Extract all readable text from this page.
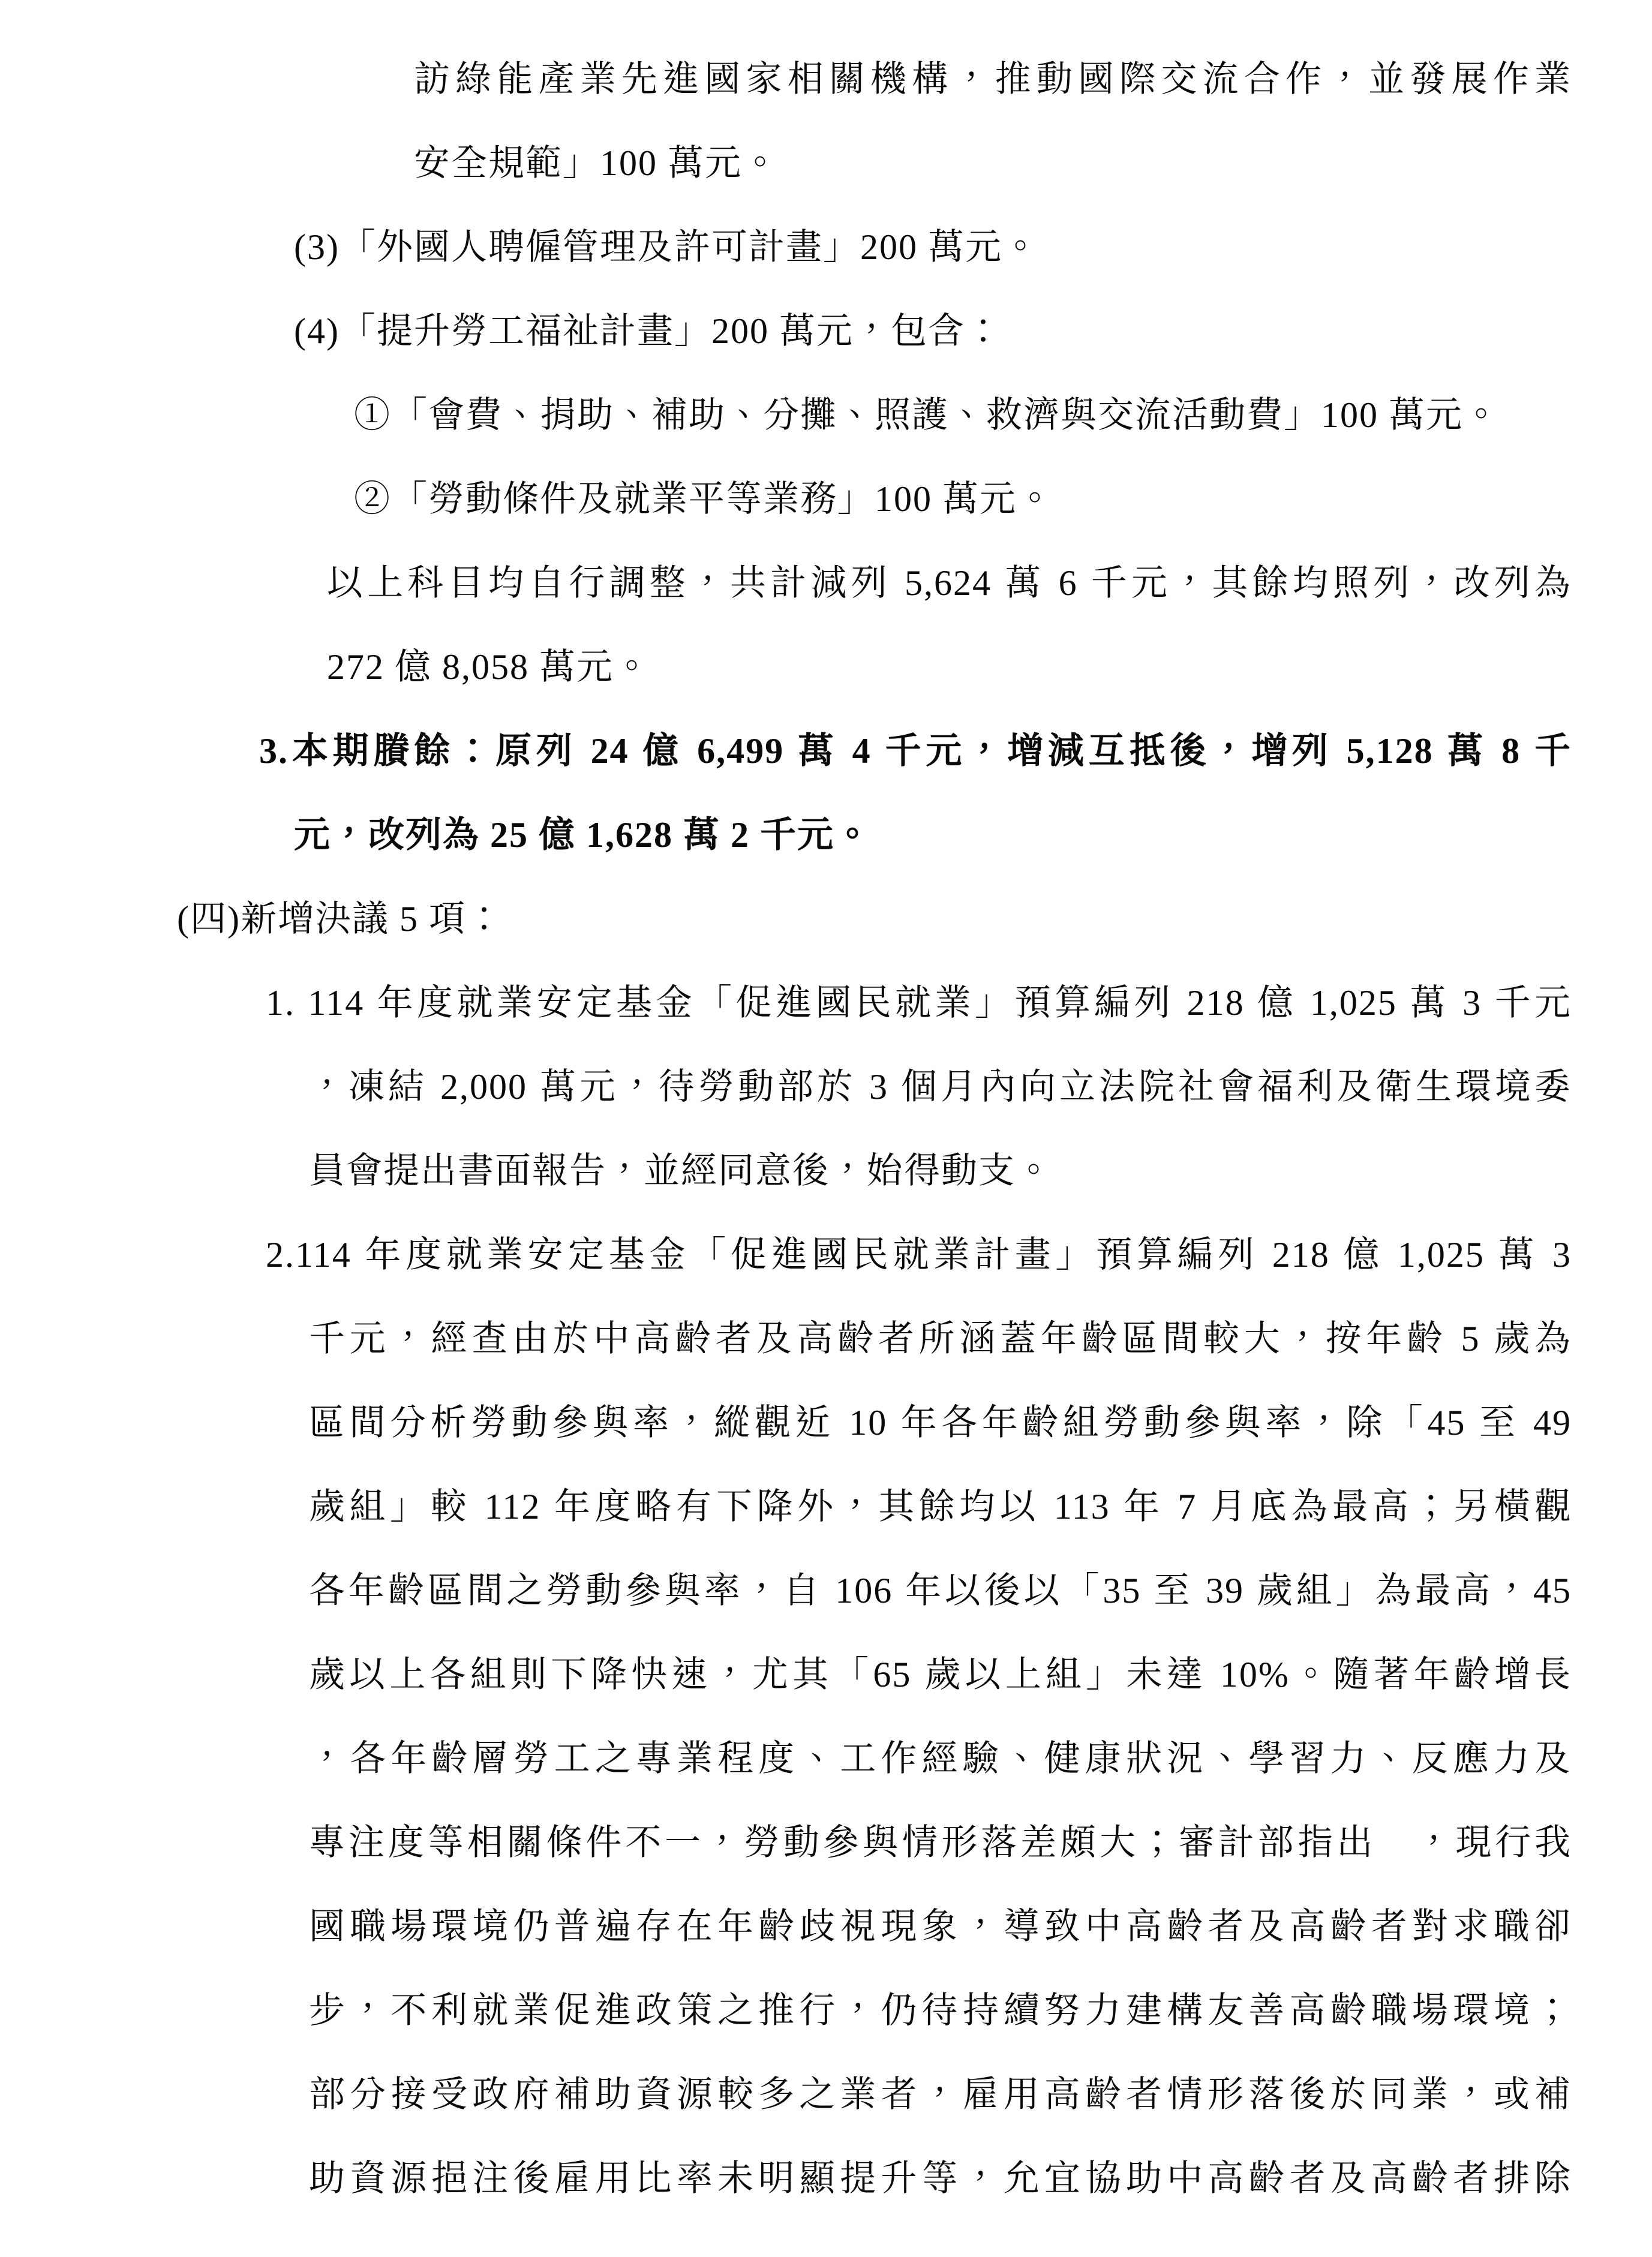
訪綠能產業先進國家相關機構，推動國際交流合作，並發展作業
安全規範」100 萬元。
(3)「外國人聘僱管理及許可計畫」200 萬元。
(4)「提升勞工福祉計畫」200 萬元，包含：
①「會費、捐助、補助、分攤、照護、救濟與交流活動費」100 萬元。
②「勞動條件及就業平等業務」100 萬元。
以上科目均自行調整，共計減列 5,624 萬 6 千元，其餘均照列，改列為
272 億 8,058 萬元。
3.本期賸餘：原列 24 億 6,499 萬 4 千元，增減互抵後，增列 5,128 萬 8 千
元，改列為 25 億 1,628 萬 2 千元。
(四)新增決議 5 項：
1. 114 年度就業安定基金「促進國民就業」預算編列 218 億 1,025 萬 3 千元
，凍結 2,000 萬元，待勞動部於 3 個月內向立法院社會福利及衛生環境委
員會提出書面報告，並經同意後，始得動支。
2.114 年度就業安定基金「促進國民就業計畫」預算編列 218 億 1,025 萬 3
千元，經查由於中高齡者及高齡者所涵蓋年齡區間較大，按年齡 5 歲為
區間分析勞動參與率，縱觀近 10 年各年齡組勞動參與率，除「45 至 49
歲組」較 112 年度略有下降外，其餘均以 113 年 7 月底為最高；另橫觀
各年齡區間之勞動參與率，自 106 年以後以「35 至 39 歲組」為最高，45
歲以上各組則下降快速，尤其「65 歲以上組」未達 10%。隨著年齡增長
，各年齡層勞工之專業程度、工作經驗、健康狀況、學習力、反應力及
專注度等相關條件不一，勞動參與情形落差頗大；審計部指出　，現行我
國職場環境仍普遍存在年齡歧視現象，導致中高齡者及高齡者對求職卻
步，不利就業促進政策之推行，仍待持續努力建構友善高齡職場環境；
部分接受政府補助資源較多之業者，雇用高齡者情形落後於同業，或補
助資源挹注後雇用比率未明顯提升等，允宜協助中高齡者及高齡者排除
